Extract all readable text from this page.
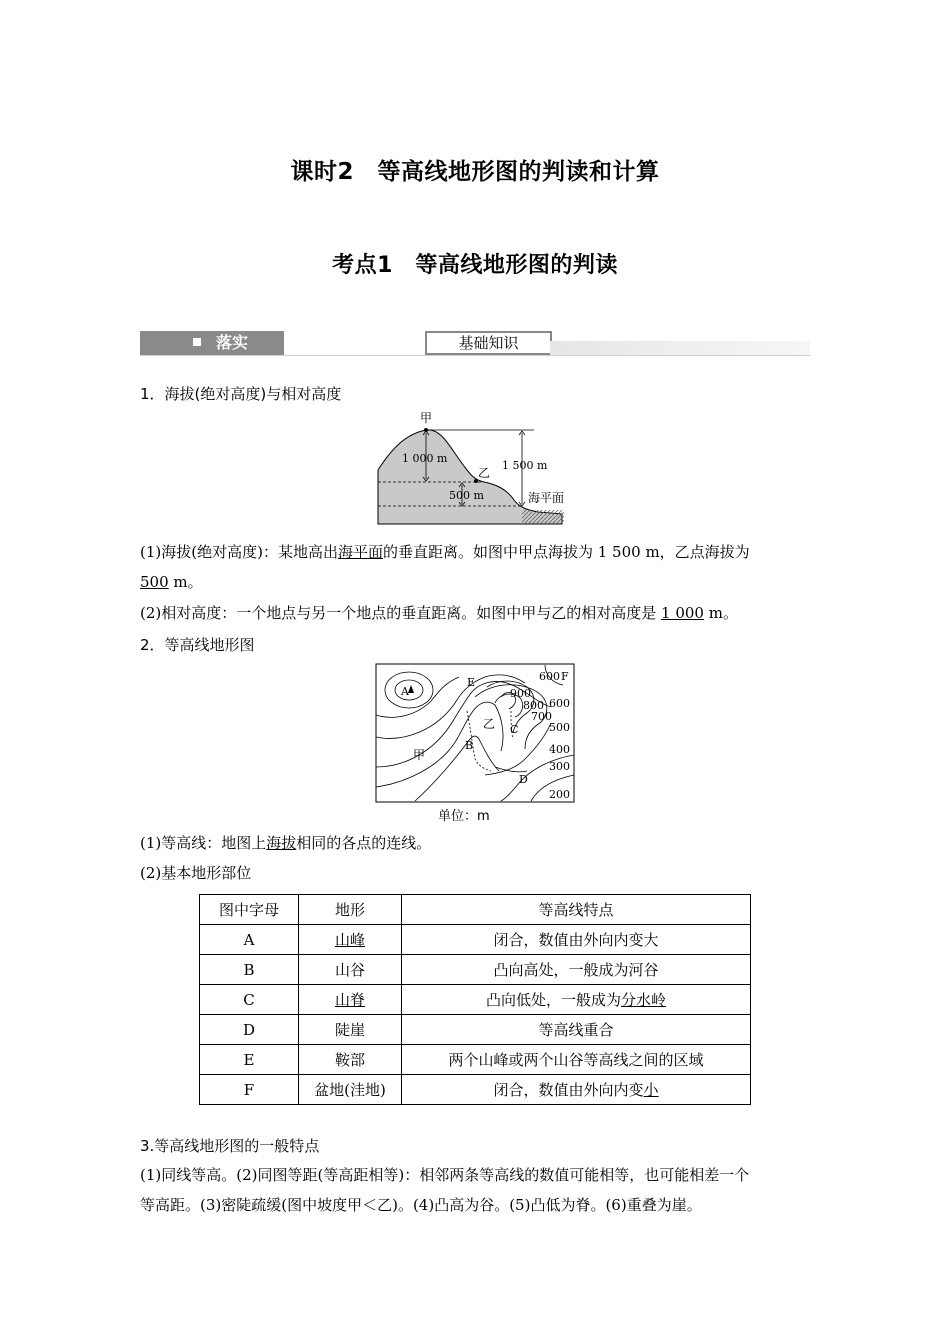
课时2　等高线地形图的判读和计算
考点1　等高线地形图的判读
落实	基础知识
1．海拔(绝对高度)与相对高度
甲
乙
1 000 m
1 500 m
500 m	海平面
(1)海拔(绝对高度)：某地高出海平面的垂直距离。如图中甲点海拔为 1 500 m，乙点海拔为
500 m。
(2)相对高度：一个地点与另一个地点的垂直距离。如图中甲与乙的相对高度是 1 000 m。
2．等高线地形图
A
E	F
乙
B
C
甲
D
900
800
700
600
600
500
400
300
200
单位：m
(1)等高线：地图上海拔相同的各点的连线。
(2)基本地形部位
图中字母	地形	等高线特点
A	山峰	闭合，数值由外向内变大
B	山谷	凸向高处，一般成为河谷
C	山脊	凸向低处，一般成为分水岭
D	陡崖	等高线重合
E	鞍部	两个山峰或两个山谷等高线之间的区域
F	盆地(洼地)	闭合，数值由外向内变小
3.等高线地形图的一般特点
(1)同线等高。(2)同图等距(等高距相等)：相邻两条等高线的数值可能相等，也可能相差一个
等高距。(3)密陡疏缓(图中坡度甲＜乙)。(4)凸高为谷。(5)凸低为脊。(6)重叠为崖。
